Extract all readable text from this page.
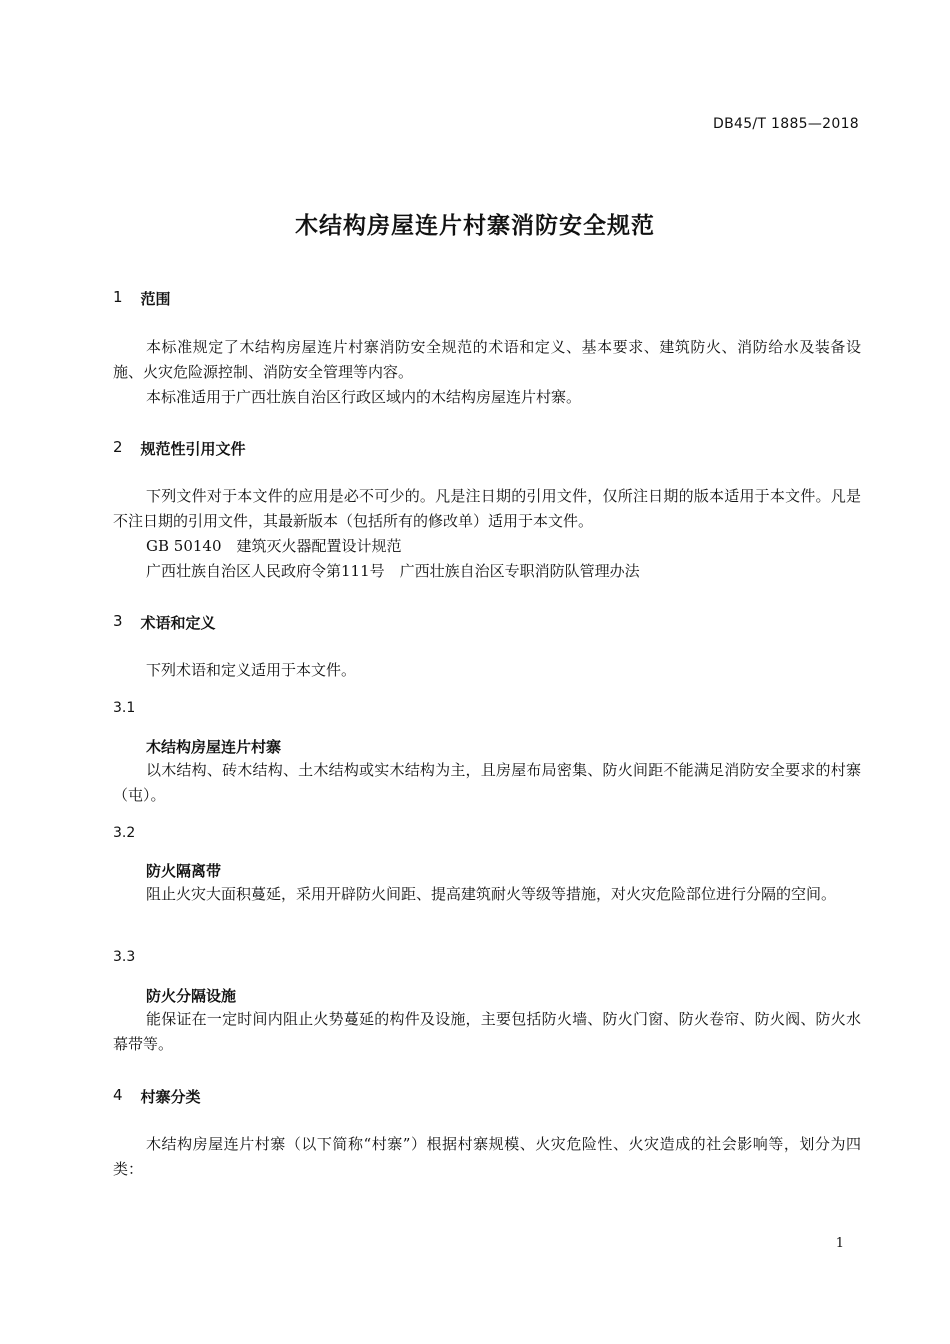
DB45/T 1885—2018
木结构房屋连片村寨消防安全规范
1 范围

本标准规定了木结构房屋连片村寨消防安全规范的术语和定义、基本要求、建筑防火、消防给水及装备设施、火灾危险源控制、消防安全管理等内容。

本标准适用于广西壮族自治区行政区域内的木结构房屋连片村寨。

2 规范性引用文件

下列文件对于本文件的应用是必不可少的。凡是注日期的引用文件，仅所注日期的版本适用于本文件。凡是不注日期的引用文件，其最新版本（包括所有的修改单）适用于本文件。

GB 50140　建筑灭火器配置设计规范

广西壮族自治区人民政府令第111号　广西壮族自治区专职消防队管理办法

3 术语和定义

下列术语和定义适用于本文件。

3.1

木结构房屋连片村寨

以木结构、砖木结构、土木结构或实木结构为主，且房屋布局密集、防火间距不能满足消防安全要求的村寨（屯）。

3.2

防火隔离带

阻止火灾大面积蔓延，采用开辟防火间距、提高建筑耐火等级等措施，对火灾危险部位进行分隔的空间。

3.3

防火分隔设施

能保证在一定时间内阻止火势蔓延的构件及设施，主要包括防火墙、防火门窗、防火卷帘、防火阀、防火水幕带等。

4 村寨分类

木结构房屋连片村寨（以下简称“村寨”）根据村寨规模、火灾危险性、火灾造成的社会影响等，划分为四类：

1
